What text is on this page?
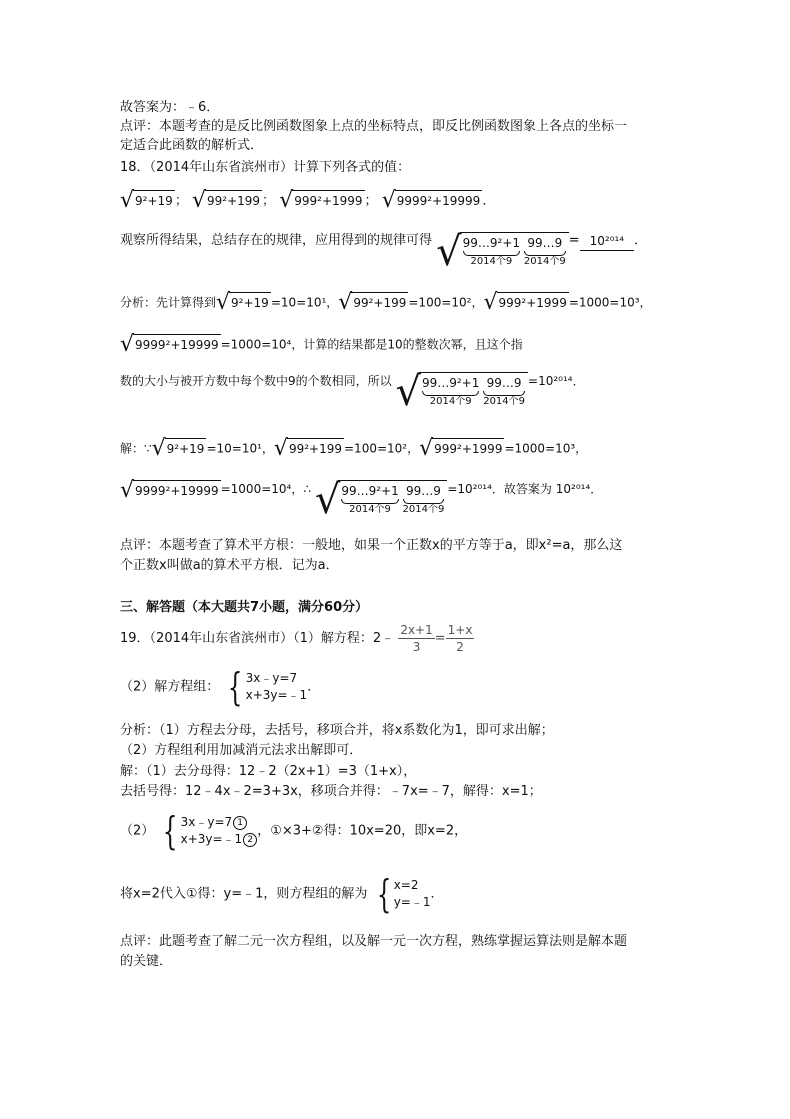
故答案为：﹣6．
点评：本题考查的是反比例函数图象上点的坐标特点，即反比例函数图象上各点的坐标一
定适合此函数的解析式．
18．（2014年山东省滨州市）计算下列各式的值：
√ 9²+19 ； √ 99²+199 ； √ 999²+1999 ； √ 9999²+19999 ．
观察所得结果，总结存在的规律，应用得到的规律可得 √ 99…9²+1
2014个9

99…9
2014个9
= 10²⁰¹⁴ ．
分析：先计算得到 √ 9²+19 =10=10¹， √ 99²+199 =100=10²， √ 999²+1999 =1000=10³，
√ 9999²+19999 =1000=10⁴，计算的结果都是10的整数次幂，且这个指
数的大小与被开方数中每个数中9的个数相同，所以 √ 99…9²+1
2014个9

99…9
2014个9
=10²⁰¹⁴．
解：∵ √ 9²+19 =10=10¹， √ 99²+199 =100=10²， √ 999²+1999 =1000=10³，
√ 9999²+19999 =1000=10⁴，∴ √ 99…9²+1
2014个9

99…9
2014个9
=10²⁰¹⁴．故答案为 10²⁰¹⁴．
点评：本题考查了算术平方根：一般地，如果一个正数x的平方等于a，即x²=a，那么这
个正数x叫做a的算术平方根．记为a．
三、解答题（本大题共7小题，满分60分）
19．（2014年山东省滨州市）（1）解方程：2﹣ $\frac{2x+1}{3} = \frac{1+x}{2}$
（2）解方程组： { 3x﹣y=7
x+3y=﹣1
．
分析：（1）方程去分母，去括号，移项合并，将x系数化为1，即可求出解；
（2）方程组利用加减消元法求出解即可．
解：（1）去分母得：12﹣2（2x+1）=3（1+x），
去括号得：12﹣4x﹣2=3+3x，移项合并得：﹣7x=﹣7，解得：x=1；
（2） { 3x﹣y=7 1
x+3y=﹣1 2
，①×3+②得：10x=20，即x=2，
将x=2代入①得：y=﹣1，则方程组的解为 { x=2
y=﹣1
．
点评：此题考查了解二元一次方程组，以及解一元一次方程，熟练掌握运算法则是解本题
的关键．
